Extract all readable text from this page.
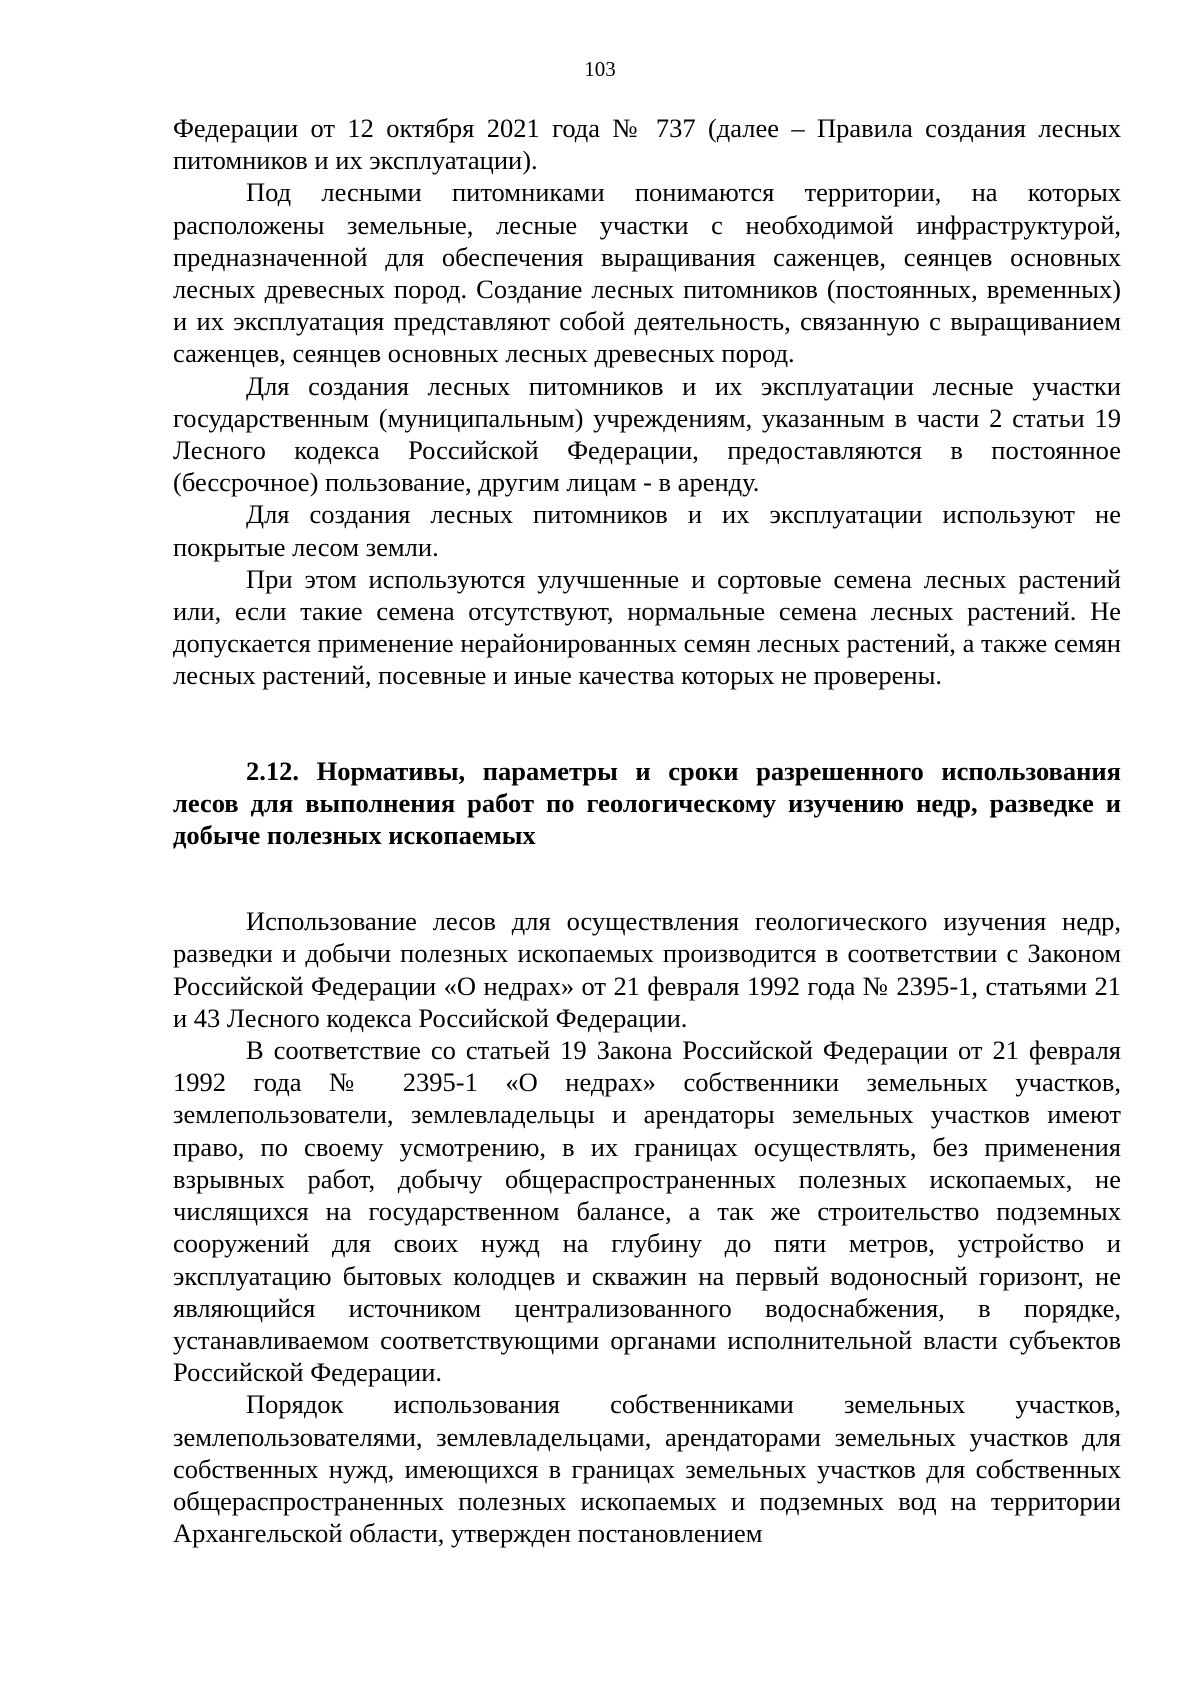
103

Федерации от 12 октября 2021 года № 737 (далее – Правила создания лесных питомников и их эксплуатации).

Под лесными питомниками понимаются территории, на которых расположены земельные, лесные участки с необходимой инфраструктурой, предназначенной для обеспечения выращивания саженцев, сеянцев основных лесных древесных пород. Создание лесных питомников (постоянных, временных) и их эксплуатация представляют собой деятельность, связанную с выращиванием саженцев, сеянцев основных лесных древесных пород.

Для создания лесных питомников и их эксплуатации лесные участки государственным (муниципальным) учреждениям, указанным в части 2 статьи 19 Лесного кодекса Российской Федерации, предоставляются в постоянное (бессрочное) пользование, другим лицам - в аренду.

Для создания лесных питомников и их эксплуатации используют не покрытые лесом земли.

При этом используются улучшенные и сортовые семена лесных растений или, если такие семена отсутствуют, нормальные семена лесных растений. Не допускается применение нерайонированных семян лесных растений, а также семян лесных растений, посевные и иные качества которых не проверены.

2.12. Нормативы, параметры и сроки разрешенного использования лесов для выполнения работ по геологическому изучению недр, разведке и добыче полезных ископаемых

Использование лесов для осуществления геологического изучения недр, разведки и добычи полезных ископаемых производится в соответствии с Законом Российской Федерации «О недрах» от 21 февраля 1992 года № 2395-1, статьями 21 и 43 Лесного кодекса Российской Федерации.

В соответствие со статьей 19 Закона Российской Федерации от 21 февраля 1992 года № 2395-1 «О недрах» собственники земельных участков, землепользователи, землевладельцы и арендаторы земельных участков имеют право, по своему усмотрению, в их границах осуществлять, без применения взрывных работ, добычу общераспространенных полезных ископаемых, не числящихся на государственном балансе, а так же строительство подземных сооружений для своих нужд на глубину до пяти метров, устройство и эксплуатацию бытовых колодцев и скважин на первый водоносный горизонт, не являющийся источником централизованного водоснабжения, в порядке, устанавливаемом соответствующими органами исполнительной власти субъектов Российской Федерации.

Порядок использования собственниками земельных участков, землепользователями, землевладельцами, арендаторами земельных участков для собственных нужд, имеющихся в границах земельных участков для собственных общераспространенных полезных ископаемых и подземных вод на территории Архангельской области, утвержден постановлением
